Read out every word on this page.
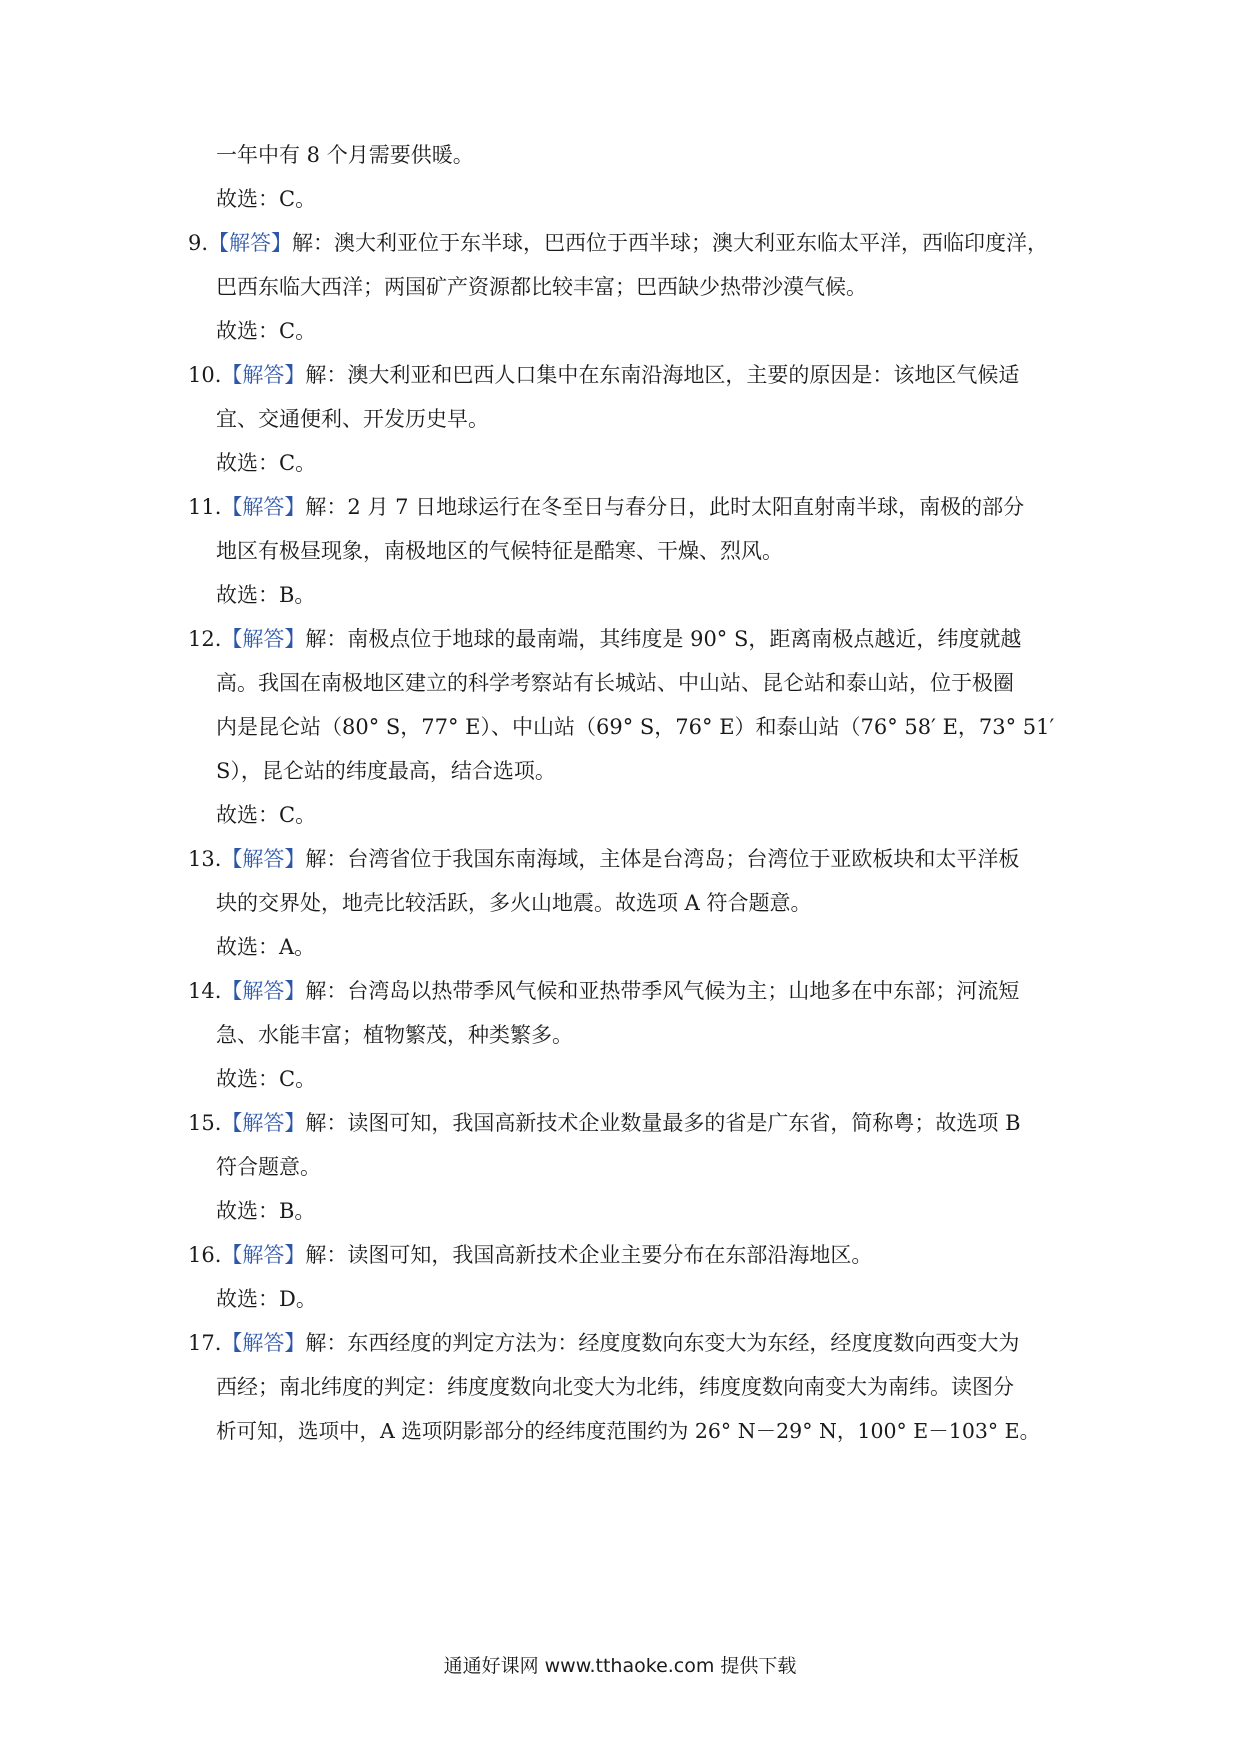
一年中有 8 个月需要供暖。
故选：C。
9.【解答】解：澳大利亚位于东半球，巴西位于西半球；澳大利亚东临太平洋，西临印度洋，
巴西东临大西洋；两国矿产资源都比较丰富；巴西缺少热带沙漠气候。
故选：C。
10.【解答】解：澳大利亚和巴西人口集中在东南沿海地区，主要的原因是：该地区气候适
宜、交通便利、开发历史早。
故选：C。
11.【解答】解：2 月 7 日地球运行在冬至日与春分日，此时太阳直射南半球，南极的部分
地区有极昼现象，南极地区的气候特征是酷寒、干燥、烈风。
故选：B。
12.【解答】解：南极点位于地球的最南端，其纬度是 90° S，距离南极点越近，纬度就越
高。我国在南极地区建立的科学考察站有长城站、中山站、昆仑站和泰山站，位于极圈
内是昆仑站（80° S，77° E）、中山站（69° S，76° E）和泰山站（76° 58′ E，73° 51′
S），昆仑站的纬度最高，结合选项。
故选：C。
13.【解答】解：台湾省位于我国东南海域，主体是台湾岛；台湾位于亚欧板块和太平洋板
块的交界处，地壳比较活跃，多火山地震。故选项 A 符合题意。
故选：A。
14.【解答】解：台湾岛以热带季风气候和亚热带季风气候为主；山地多在中东部；河流短
急、水能丰富；植物繁茂，种类繁多。
故选：C。
15.【解答】解：读图可知，我国高新技术企业数量最多的省是广东省，简称粤；故选项 B
符合题意。
故选：B。
16.【解答】解：读图可知，我国高新技术企业主要分布在东部沿海地区。
故选：D。
17.【解答】解：东西经度的判定方法为：经度度数向东变大为东经，经度度数向西变大为
西经；南北纬度的判定：纬度度数向北变大为北纬，纬度度数向南变大为南纬。读图分
析可知，选项中，A 选项阴影部分的经纬度范围约为 26° N－29° N，100° E－103° E。
通通好课网 www.tthaoke.com 提供下载
